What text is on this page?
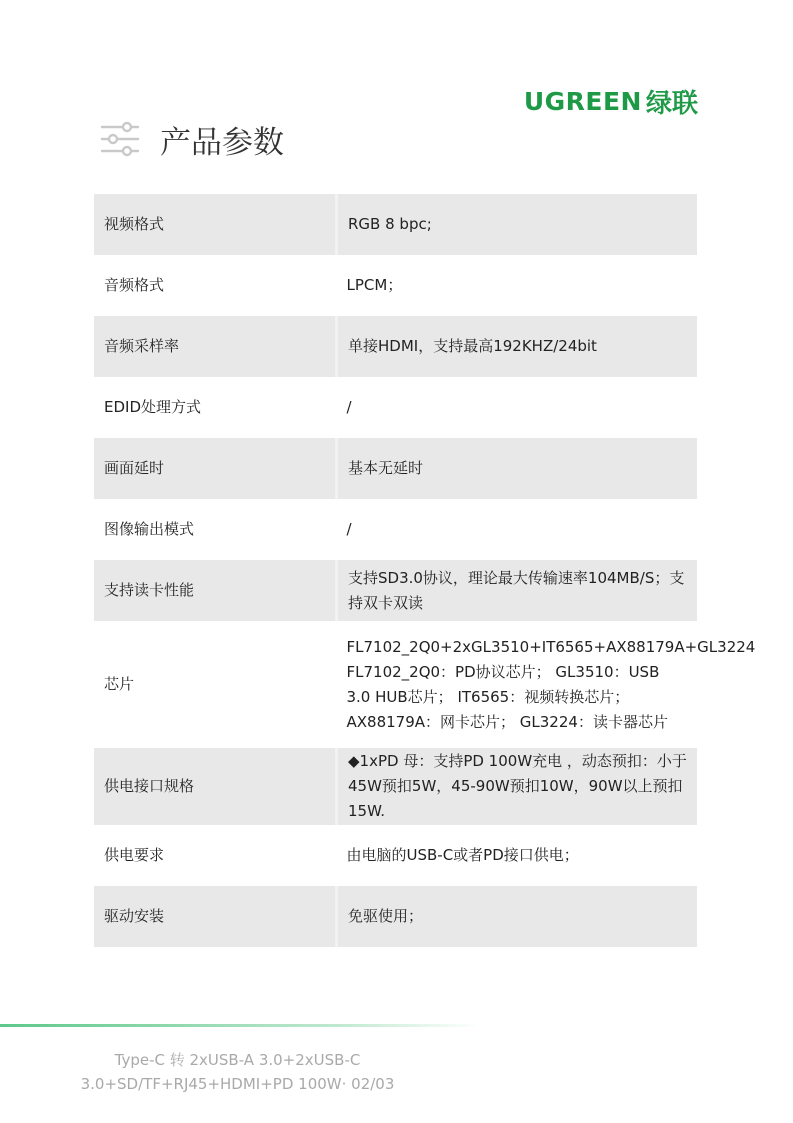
UGREEN 绿联
产品参数
视频格式	RGB 8 bpc;
音频格式	LPCM；
音频采样率	单接HDMI，支持最高192KHZ/24bit
EDID处理方式	/
画面延时	基本无延时
图像输出模式	/
支持读卡性能	支持SD3.0协议，理论最大传输速率104MB/S；支持双卡双读
芯片	FL7102_2Q0+2xGL3510+IT6565+AX88179A+GL3224 FL7102_2Q0：PD协议芯片； GL3510：USB 3.0 HUB芯片； IT6565：视频转换芯片； AX88179A：网卡芯片； GL3224：读卡器芯片
供电接口规格	◆1xPD 母：支持PD 100W充电 ，动态预扣：小于45W预扣5W，45-90W预扣10W，90W以上预扣15W.
供电要求	由电脑的USB-C或者PD接口供电；
驱动安装	免驱使用；
Type-C 转 2xUSB-A 3.0+2xUSB-C
3.0+SD/TF+RJ45+HDMI+PD 100W· 02/03
